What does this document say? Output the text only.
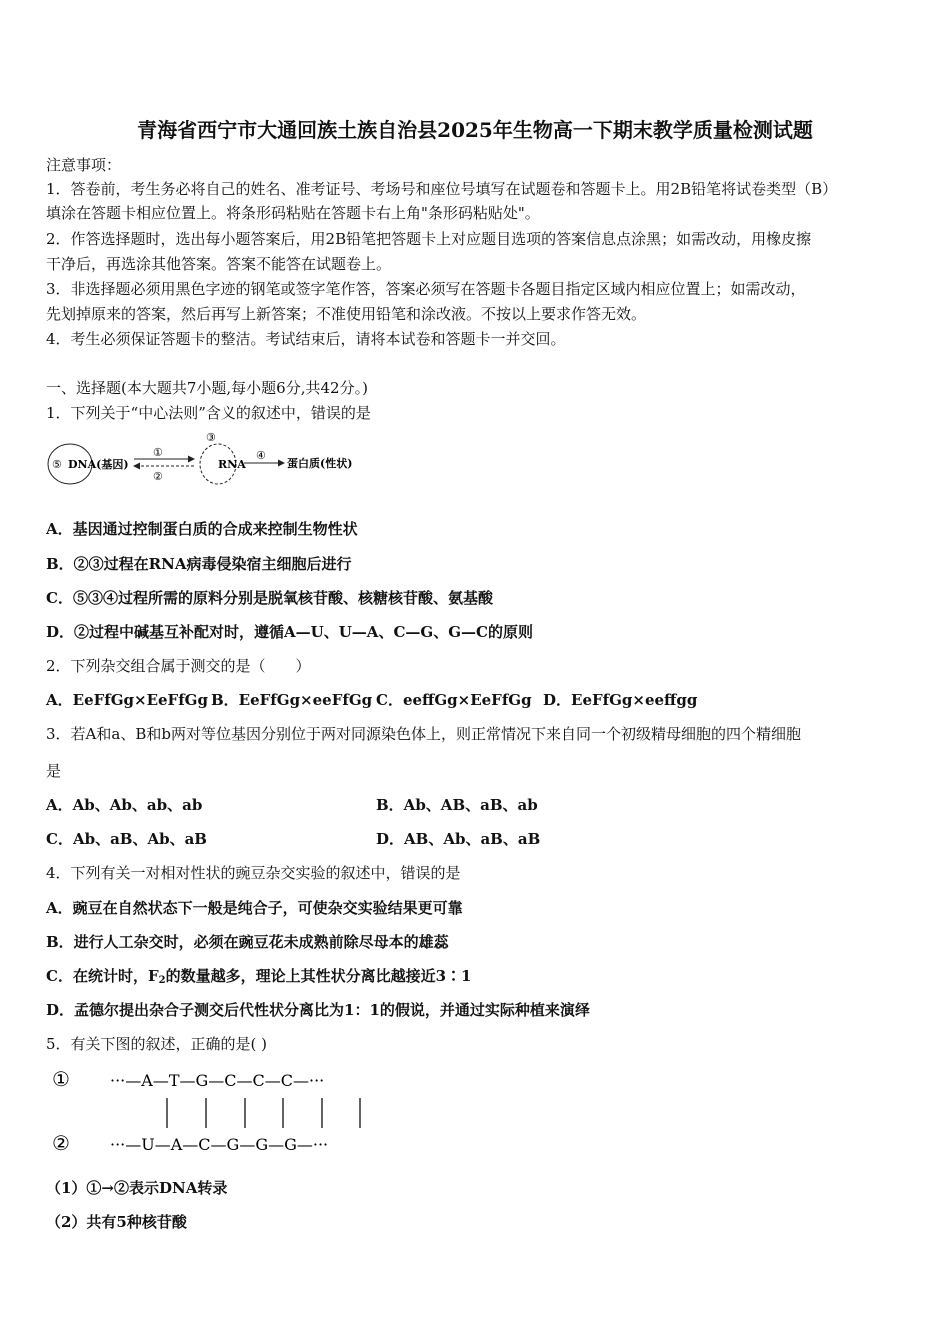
青海省西宁市大通回族土族自治县2025年生物高一下期末教学质量检测试题
注意事项：
1．答卷前，考生务必将自己的姓名、准考证号、考场号和座位号填写在试题卷和答题卡上。用2B铅笔将试卷类型（B）
填涂在答题卡相应位置上。将条形码粘贴在答题卡右上角"条形码粘贴处"。
2．作答选择题时，选出每小题答案后，用2B铅笔把答题卡上对应题目选项的答案信息点涂黑；如需改动，用橡皮擦
干净后，再选涂其他答案。答案不能答在试题卷上。
3．非选择题必须用黑色字迹的钢笔或签字笔作答，答案必须写在答题卡各题目指定区域内相应位置上；如需改动，
先划掉原来的答案，然后再写上新答案；不准使用铅笔和涂改液。不按以上要求作答无效。
4．考生必须保证答题卡的整洁。考试结束后，请将本试卷和答题卡一并交回。
一、选择题(本大题共7小题,每小题6分,共42分。)
1．下列关于“中心法则”含义的叙述中，错误的是
⑤ DNA(基因)
①
②
③
RNA
④
蛋白质(性状)
A．基因通过控制蛋白质的合成来控制生物性状
B．②③过程在RNA病毒侵染宿主细胞后进行
C．⑤③④过程所需的原料分别是脱氧核苷酸、核糖核苷酸、氨基酸
D．②过程中碱基互补配对时，遵循A—U、U—A、C—G、G—C的原则
2．下列杂交组合属于测交的是（　　）
A．EeFfGg×EeFfGg B．EeFfGg×eeFfGg C．eeffGg×EeFfGg D．EeFfGg×eeffgg
3．若A和a、B和b两对等位基因分别位于两对同源染色体上，则正常情况下来自同一个初级精母细胞的四个精细胞
是
A．Ab、Ab、ab、ab	B．Ab、AB、aB、ab
C．Ab、aB、Ab、aB	D．AB、Ab、aB、aB
4．下列有关一对相对性状的豌豆杂交实验的叙述中，错误的是
A．豌豆在自然状态下一般是纯合子，可使杂交实验结果更可靠
B．进行人工杂交时，必须在豌豆花未成熟前除尽母本的雄蕊
C．在统计时，$F_2$的数量越多，理论上其性状分离比越接近3∶1
D．孟德尔提出杂合子测交后代性状分离比为1：1的假说，并通过实际种植来演绎
5．有关下图的叙述，正确的是( )
①	···—A—T—G—C—C—C—···
②	···—U—A—C—G—G—G—···
（1）①→②表示DNA转录
（2）共有5种核苷酸
